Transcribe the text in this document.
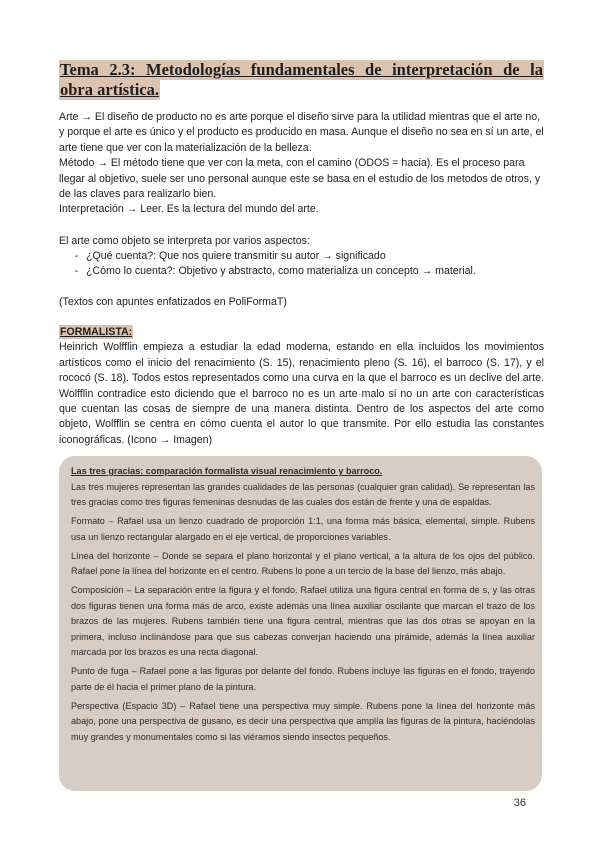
Tema 2.3: Metodologías fundamentales de interpretación de la
obra artística.
Arte → El diseño de producto no es arte porque el diseño sirve para la utilidad mientras que el arte no, y porque el arte es único y el producto es producido en masa. Aunque el diseño no sea en sí un arte, el arte tiene que ver con la materialización de la belleza.
Método → El método tiene que ver con la meta, con el camino (ODOS = hacia). Es el proceso para llegar al objetivo, suele ser uno personal aunque este se basa en el estudio de los metodos de otros, y de las claves para realizarlo bien.
Interpretación → Leer. Es la lectura del mundo del arte.
El arte como objeto se interpreta por varios aspectos:
- ¿Qué cuenta?: Que nos quiere transmitir su autor → significado
- ¿Cómo lo cuenta?: Objetivo y abstracto, como materializa un concepto → material.
(Textos con apuntes enfatizados en PoliFormaT)
FORMALISTA:
Heinrich Wolfflin empieza a estudiar la edad moderna, estando en ella incluidos los movimientos artísticos como el inicio del renacimiento (S. 15), renacimiento pleno (S. 16), el barroco (S. 17), y el rococó (S. 18). Todos estos representados como una curva en la que el barroco es un declive del arte. Wolfflin contradice esto diciendo que el barroco no es un arte malo si no un arte con características que cuentan las cosas de siempre de una manera distinta. Dentro de los aspectos del arte como objeto, Wolfflin se centra en cómo cuenta el autor lo que transmite. Por ello estudia las constantes iconográficas. (Icono → Imagen)
Las tres gracias: comparación formalista visual renacimiento y barroco.

Las tres mujeres representan las grandes cualidades de las personas (cualquier gran calidad). Se representan las tres gracias como tres figuras femeninas desnudas de las cuales dos están de frente y una de espaldas.

Formato – Rafael usa un lienzo cuadrado de proporción 1:1, una forma más básica, elemental, simple. Rubens usa un lienzo rectangular alargado en el eje vertical, de proporciones variables.

Línea del horizonte – Donde se separa el plano horizontal y el plano vertical, a la altura de los ojos del público. Rafael pone la línea del horizonte en el centro. Rubens lo pone a un tercio de la base del lienzo, más abajo.

Composición – La separación entre la figura y el fondo. Rafael utiliza una figura central en forma de s, y las otras dos figuras tienen una forma más de arco, existe además una línea auxiliar oscilante que marcan el trazo de los brazos de las mujeres. Rubens también tiene una figura central, mientras que las dos otras se apoyan en la primera, incluso inclinándose para que sus cabezas converjan haciendo una pirámide, además la línea auxiliar marcada por los brazos es una recta diagonal.

Punto de fuga – Rafael pone a las figuras por delante del fondo. Rubens incluye las figuras en el fondo, trayendo parte de él hacia el primer plano de la pintura.

Perspectiva (Espacio 3D) – Rafael tiene una perspectiva muy simple. Rubens pone la línea del horizonte más abajo, pone una perspectiva de gusano, es decir una perspectiva que amplía las figuras de la pintura, haciéndolas muy grandes y monumentales como si las viéramos siendo insectos pequeños.

36
